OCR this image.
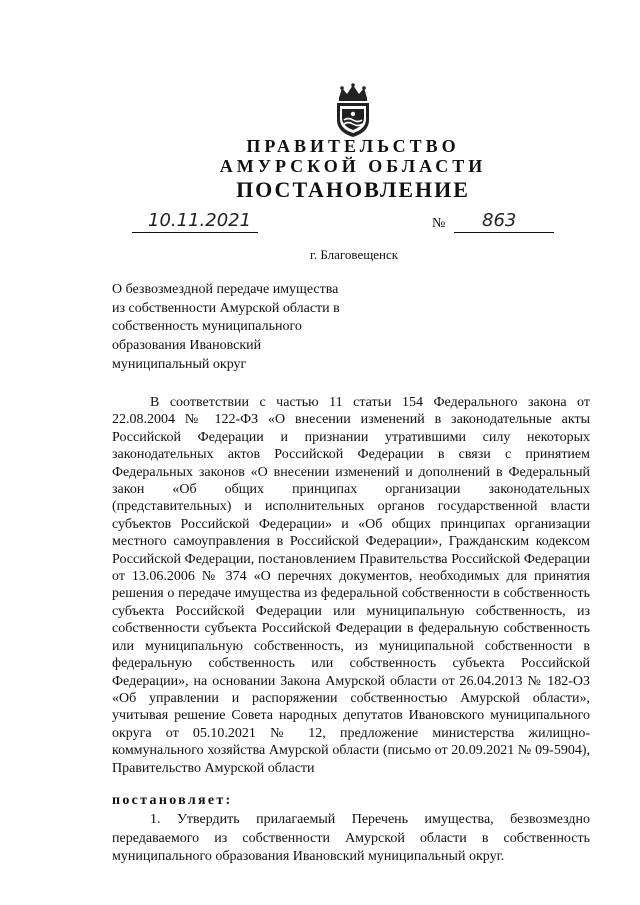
ПРАВИТЕЛЬСТВО
АМУРСКОЙ ОБЛАСТИ
ПОСТАНОВЛЕНИЕ
10.11.2021	№ 863
г. Благовещенск
О безвозмездной передаче имущества из собственности Амурской области в собственность муниципального образования Ивановский муниципальный округ

В соответствии с частью 11 статьи 154 Федерального закона от 22.08.2004 № 122-ФЗ «О внесении изменений в законодательные акты Российской Федерации и признании утратившими силу некоторых законодательных актов Российской Федерации в связи с принятием Федеральных законов «О внесении изменений и дополнений в Федеральный закон «Об общих принципах организации законодательных (представительных) и исполнительных органов государственной власти субъектов Российской Федерации» и «Об общих принципах организации местного самоуправления в Российской Федерации», Гражданским кодексом Российской Федерации, постановлением Правительства Российской Федерации от 13.06.2006 № 374 «О перечнях документов, необходимых для принятия решения о передаче имущества из федеральной собственности в собственность субъекта Российской Федерации или муниципальную собственность, из собственности субъекта Российской Федерации в федеральную собственность или муниципальную собственность, из муниципальной собственности в федеральную собственность или собственность субъекта Российской Федерации», на основании Закона Амурской области от 26.04.2013 № 182-ОЗ «Об управлении и распоряжении собственностью Амурской области», учитывая решение Совета народных депутатов Ивановского муниципального округа от 05.10.2021 № 12, предложение министерства жилищно-коммунального хозяйства Амурской области (письмо от 20.09.2021 № 09-5904), Правительство Амурской области

постановляет:

1. Утвердить прилагаемый Перечень имущества, безвозмездно передаваемого из собственности Амурской области в собственность муниципального образования Ивановский муниципальный округ.
